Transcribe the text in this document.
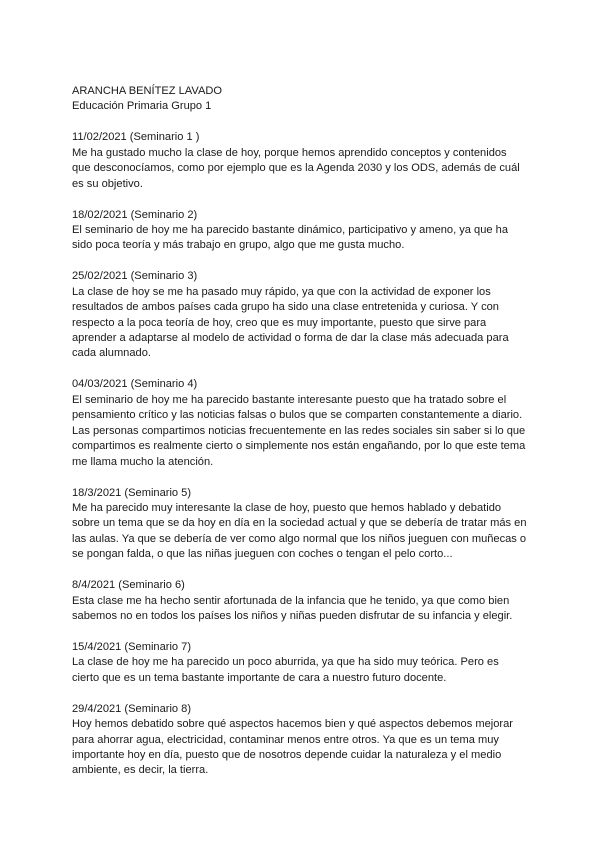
ARANCHA BENÍTEZ LAVADO

Educación Primaria Grupo 1

11/02/2021 (Seminario 1 )

Me ha gustado mucho la clase de hoy, porque hemos aprendido conceptos y contenidos
que desconocíamos, como por ejemplo que es la Agenda 2030 y los ODS, además de cuál
es su objetivo.

18/02/2021 (Seminario 2)

El seminario de hoy me ha parecido bastante dinámico, participativo y ameno, ya que ha
sido poca teoría y más trabajo en grupo, algo que me gusta mucho.

25/02/2021 (Seminario 3)

La clase de hoy se me ha pasado muy rápido, ya que con la actividad de exponer los
resultados de ambos países cada grupo ha sido una clase entretenida y curiosa. Y con
respecto a la poca teoría de hoy, creo que es muy importante, puesto que sirve para
aprender a adaptarse al modelo de actividad o forma de dar la clase más adecuada para
cada alumnado.

04/03/2021 (Seminario 4)

El seminario de hoy me ha parecido bastante interesante puesto que ha tratado sobre el
pensamiento crítico y las noticias falsas o bulos que se comparten constantemente a diario.
Las personas compartimos noticias frecuentemente en las redes sociales sin saber si lo que
compartimos es realmente cierto o simplemente nos están engañando, por lo que este tema
me llama mucho la atención.

18/3/2021 (Seminario 5)

Me ha parecido muy interesante la clase de hoy, puesto que hemos hablado y debatido
sobre un tema que se da hoy en día en la sociedad actual y que se debería de tratar más en
las aulas. Ya que se debería de ver como algo normal que los niños jueguen con muñecas o
se pongan falda, o que las niñas jueguen con coches o tengan el pelo corto...

8/4/2021 (Seminario 6)

Esta clase me ha hecho sentir afortunada de la infancia que he tenido, ya que como bien
sabemos no en todos los países los niños y niñas pueden disfrutar de su infancia y elegir.

15/4/2021 (Seminario 7)

La clase de hoy me ha parecido un poco aburrida, ya que ha sido muy teórica. Pero es
cierto que es un tema bastante importante de cara a nuestro futuro docente.

29/4/2021 (Seminario 8)

Hoy hemos debatido sobre qué aspectos hacemos bien y qué aspectos debemos mejorar
para ahorrar agua, electricidad, contaminar menos entre otros. Ya que es un tema muy
importante hoy en día, puesto que de nosotros depende cuidar la naturaleza y el medio
ambiente, es decir, la tierra.
